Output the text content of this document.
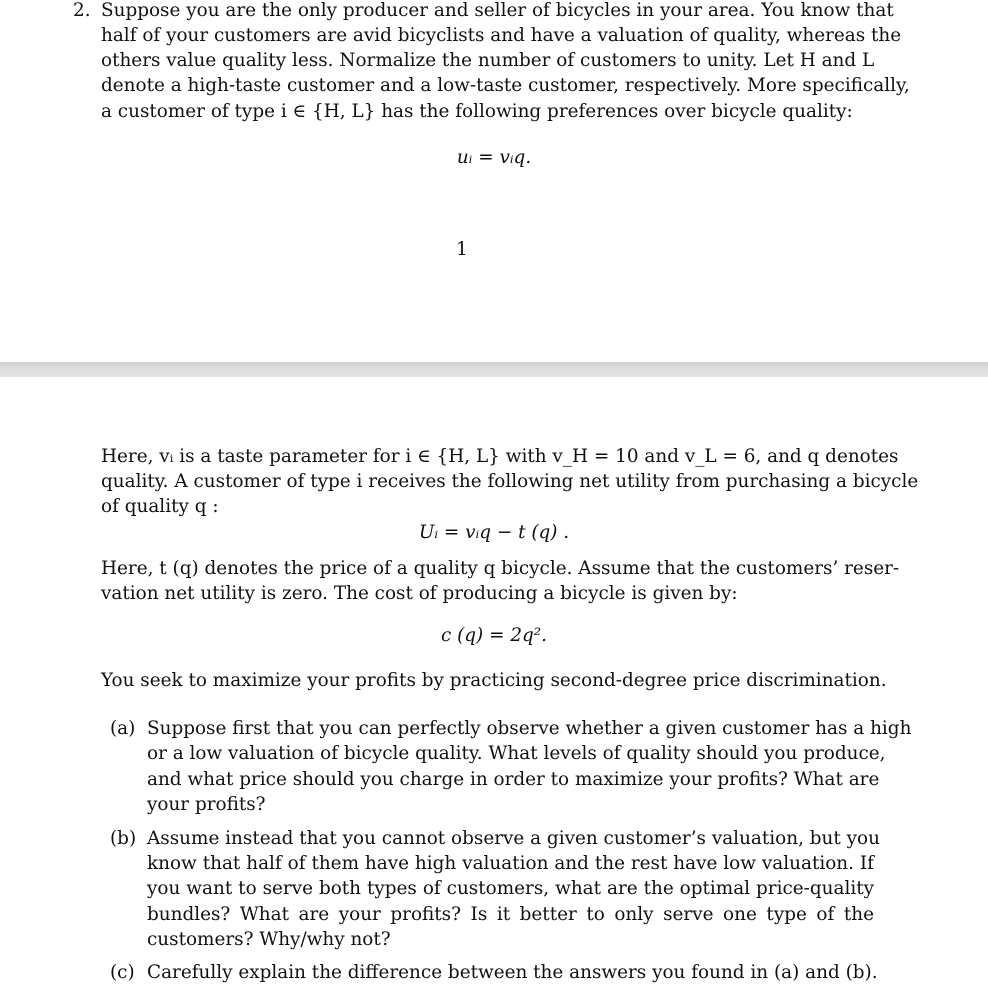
2. Suppose you are the only producer and seller of bicycles in your area. You know that
half of your customers are avid bicyclists and have a valuation of quality, whereas the
others value quality less. Normalize the number of customers to unity. Let H and L
denote a high-taste customer and a low-taste customer, respectively. More specifically,
a customer of type i ∈ {H, L} has the following preferences over bicycle quality:
uᵢ = vᵢq.
1
Here, vᵢ is a taste parameter for i ∈ {H, L} with v_H = 10 and v_L = 6, and q denotes
quality. A customer of type i receives the following net utility from purchasing a bicycle
of quality q :
Uᵢ = vᵢq − t (q) .
Here, t (q) denotes the price of a quality q bicycle. Assume that the customers’ reser-
vation net utility is zero. The cost of producing a bicycle is given by:
c (q) = 2q².
You seek to maximize your profits by practicing second-degree price discrimination.
(a) Suppose first that you can perfectly observe whether a given customer has a high
or a low valuation of bicycle quality. What levels of quality should you produce,
and what price should you charge in order to maximize your profits? What are
your profits?
(b) Assume instead that you cannot observe a given customer’s valuation, but you
know that half of them have high valuation and the rest have low valuation. If
you want to serve both types of customers, what are the optimal price-quality
bundles? What are your profits? Is it better to only serve one type of the
customers? Why/why not?
(c) Carefully explain the difference between the answers you found in (a) and (b).
